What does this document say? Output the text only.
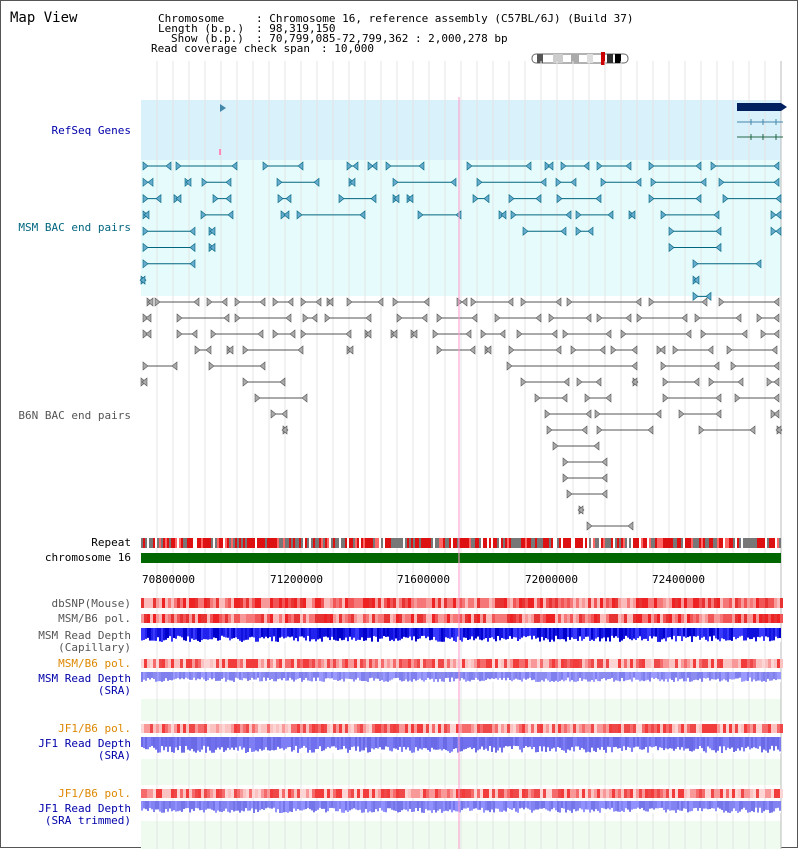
Map View	Chromosome	: Chromosome 16, reference assembly (C57BL/6J) (Build 37)
Length (b.p.) : 98,319,150
Show (b.p.) : 70,799,085-72,799,362 : 2,000,278 bp
Read coverage check span : 10,000
RefSeq Genes
MSM BAC end pairs
B6N BAC end pairs
Repeat
chromosome 16
dbSNP(Mouse)
MSM/B6 pol.
MSM Read Depth
(Capillary)
MSM/B6 pol.
MSM Read Depth
(SRA)
JF1/B6 pol.
JF1 Read Depth
(SRA)
JF1/B6 pol.
JF1 Read Depth
(SRA trimmed)
70800000	71200000	71600000	72000000	72400000
